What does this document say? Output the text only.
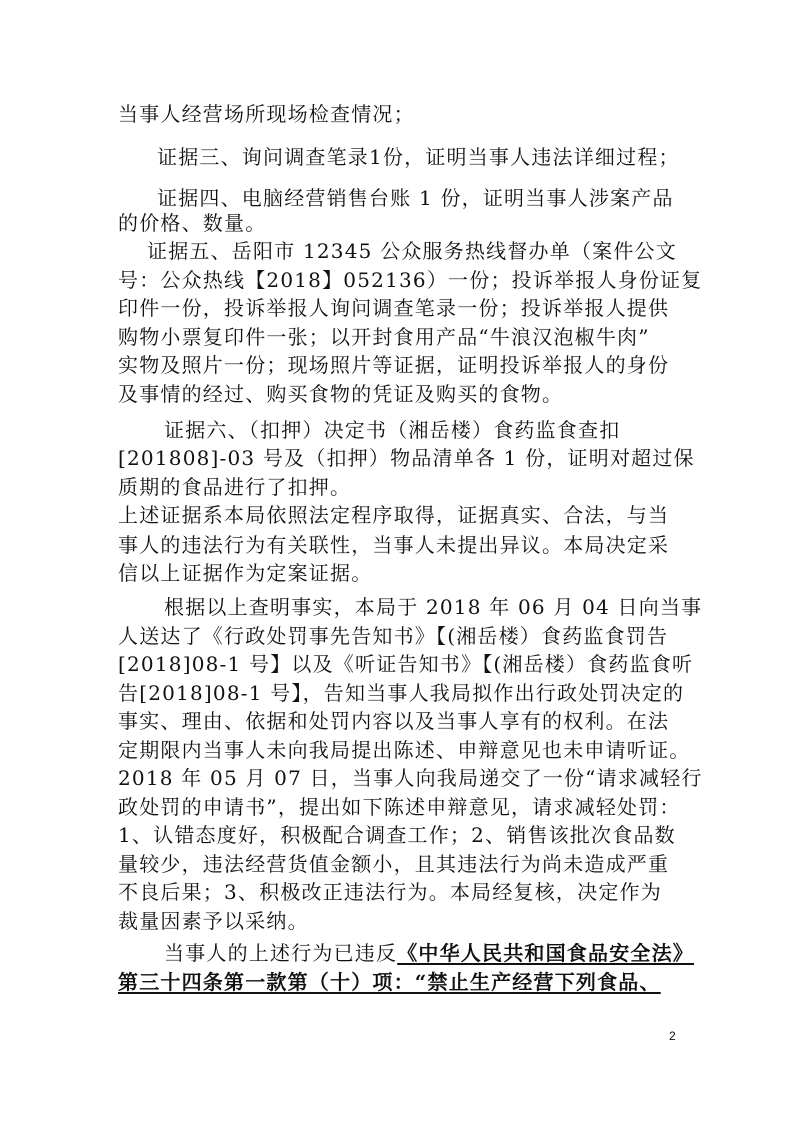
当事人经营场所现场检查情况；
证据三、询问调查笔录1份，证明当事人违法详细过程；
证据四、电脑经营销售台账 1 份，证明当事人涉案产品
的价格、数量。
证据五、岳阳市 12345 公众服务热线督办单（案件公文
号：公众热线【2018】052136）一份；投诉举报人身份证复
印件一份，投诉举报人询问调查笔录一份；投诉举报人提供
购物小票复印件一张；以开封食用产品“牛浪汉泡椒牛肉”
实物及照片一份；现场照片等证据，证明投诉举报人的身份
及事情的经过、购买食物的凭证及购买的食物。
证据六、（扣押）决定书（湘岳楼）食药监食查扣
[201808]-03 号及（扣押）物品清单各 1 份，证明对超过保
质期的食品进行了扣押。
上述证据系本局依照法定程序取得，证据真实、合法，与当
事人的违法行为有关联性，当事人未提出异议。本局决定采
信以上证据作为定案证据。
根据以上查明事实，本局于 2018 年 06 月 04 日向当事
人送达了《行政处罚事先告知书》【(湘岳楼）食药监食罚告
[2018]08-1 号】以及《听证告知书》【(湘岳楼）食药监食听
告[2018]08-1 号】，告知当事人我局拟作出行政处罚决定的
事实、理由、依据和处罚内容以及当事人享有的权利。在法
定期限内当事人未向我局提出陈述、申辩意见也未申请听证。
2018 年 05 月 07 日，当事人向我局递交了一份“请求减轻行
政处罚的申请书”，提出如下陈述申辩意见，请求减轻处罚：
1、认错态度好，积极配合调查工作；2、销售该批次食品数
量较少，违法经营货值金额小，且其违法行为尚未造成严重
不良后果；3、积极改正违法行为。本局经复核，决定作为
裁量因素予以采纳。
当事人的上述行为已违反《中华人民共和国食品安全法》
第三十四条第一款第（十）项：“禁止生产经营下列食品、
2
